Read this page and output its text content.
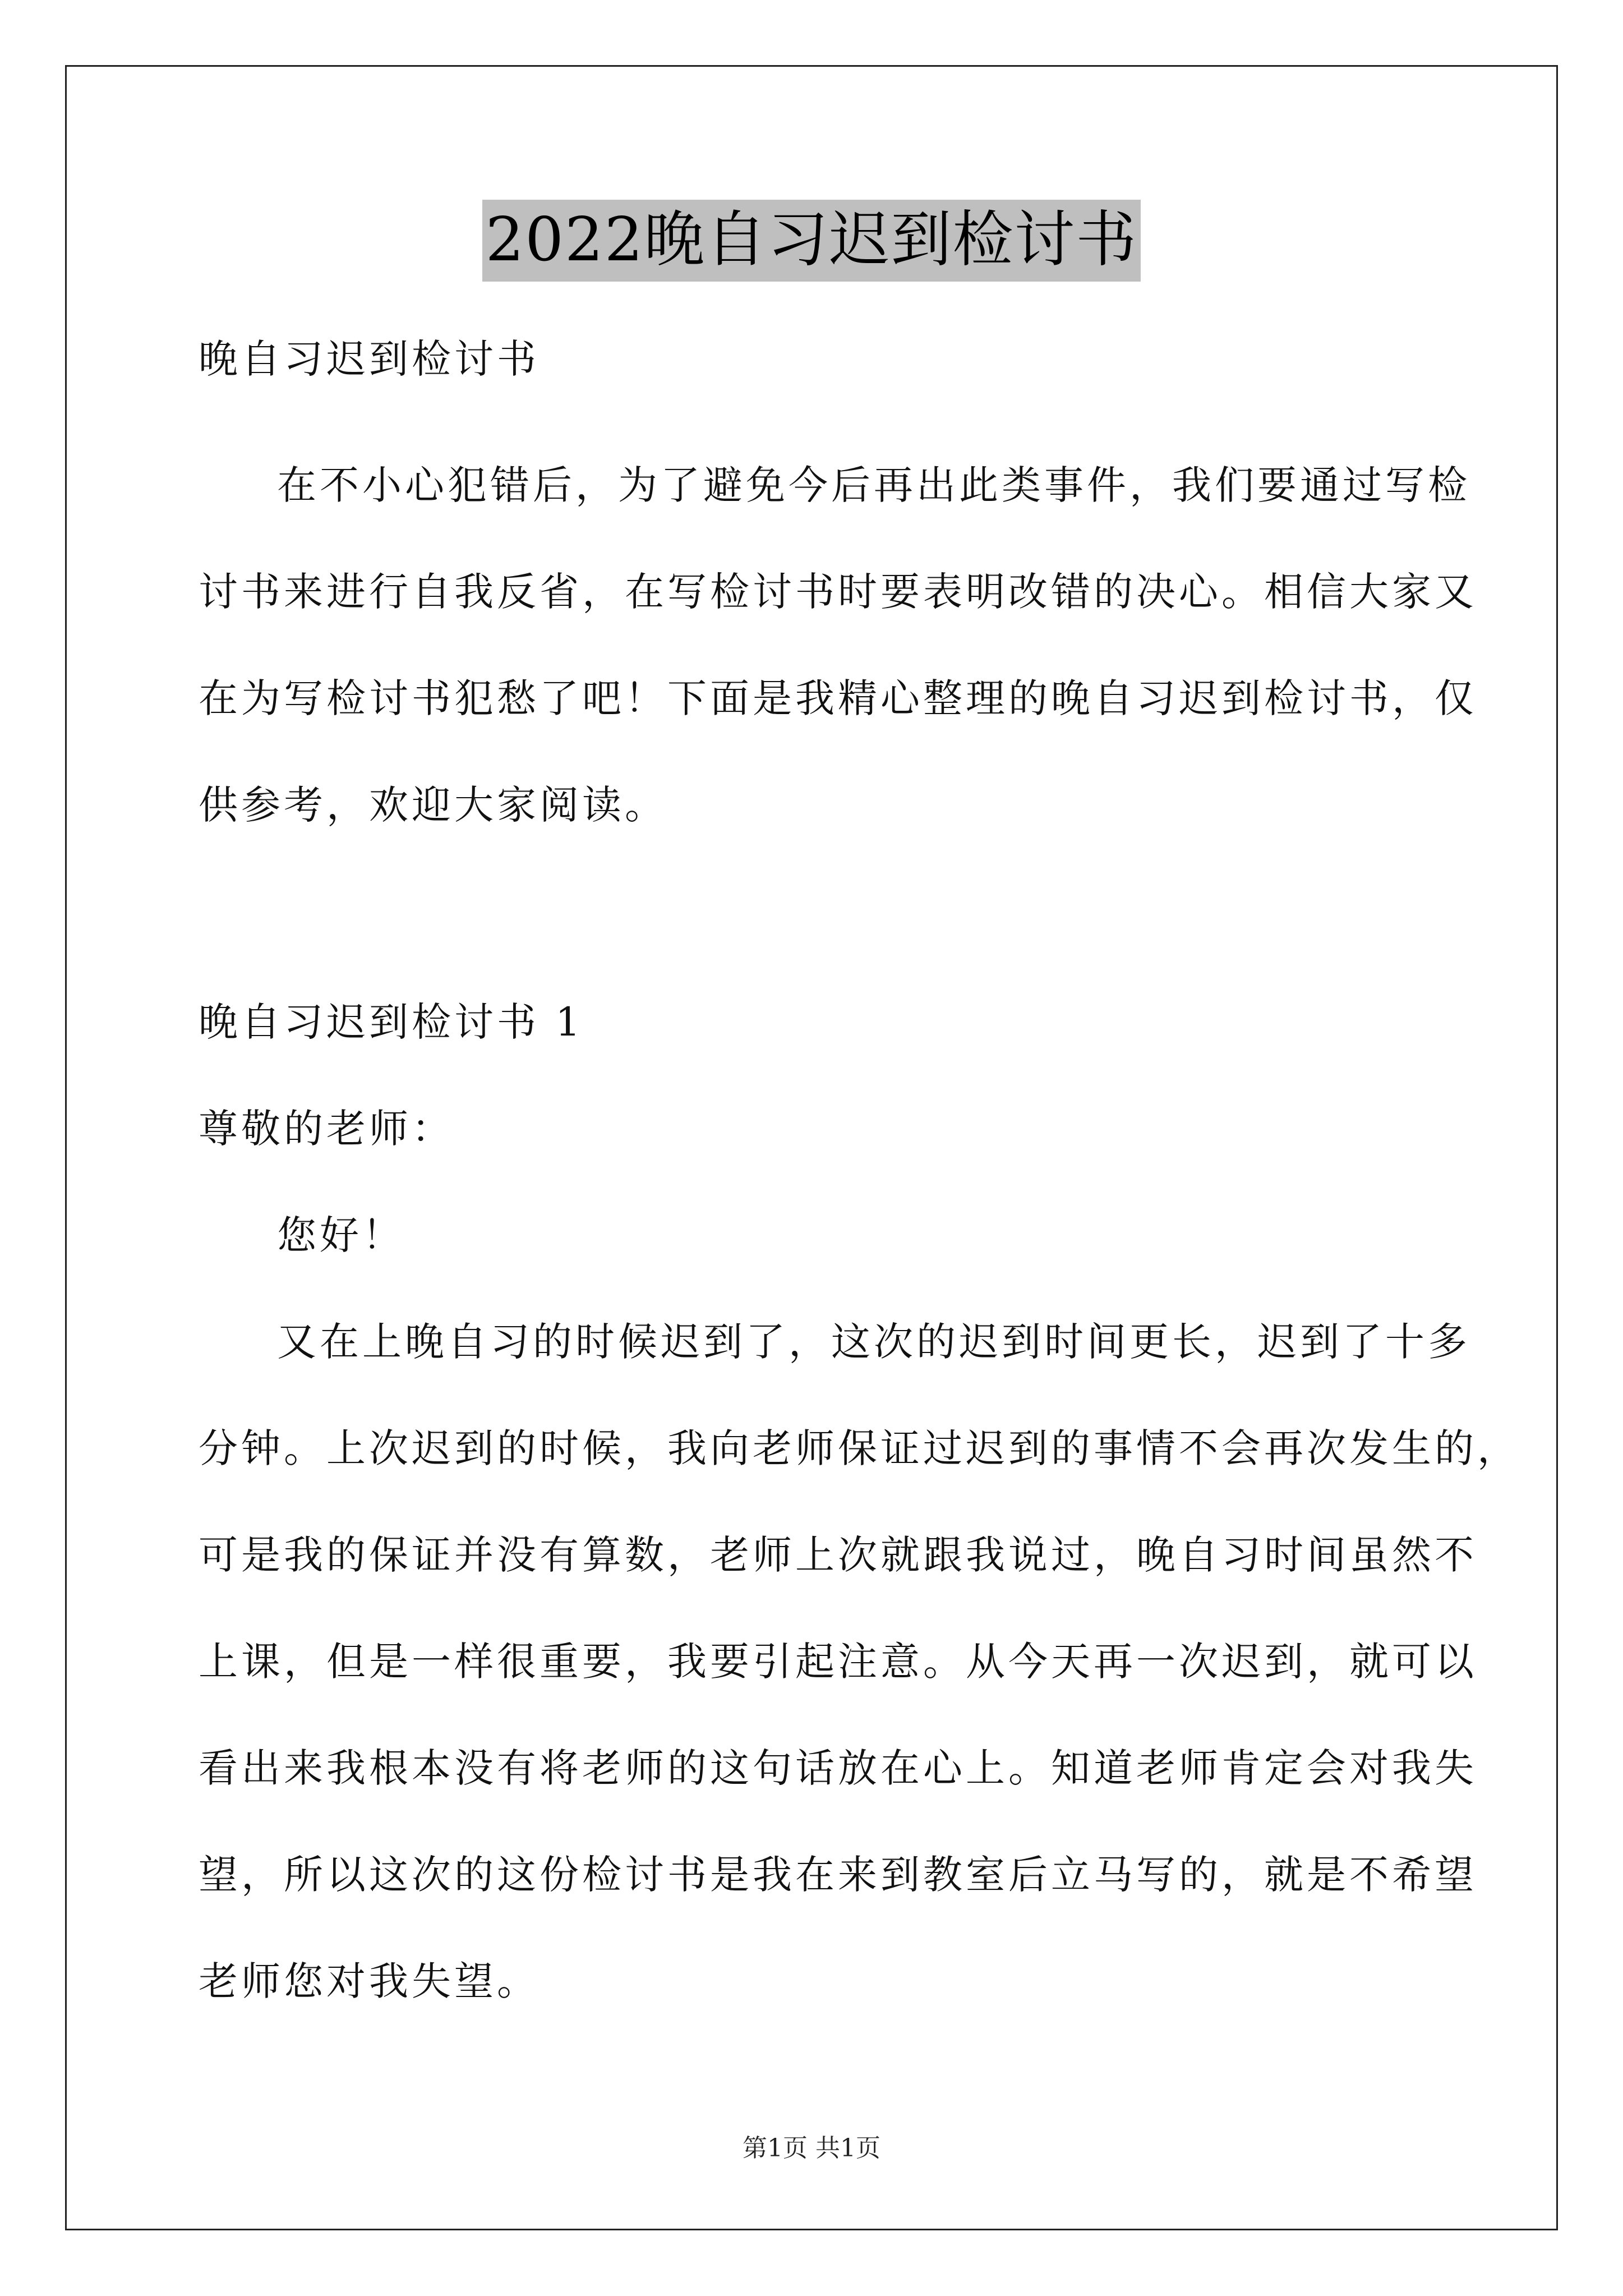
2022晚自习迟到检讨书
晚自习迟到检讨书
在不小心犯错后，为了避免今后再出此类事件，我们要通过写检
讨书来进行自我反省，在写检讨书时要表明改错的决心。相信大家又
在为写检讨书犯愁了吧！下面是我精心整理的晚自习迟到检讨书，仅
供参考，欢迎大家阅读。
晚自习迟到检讨书 1
尊敬的老师：
您好！
又在上晚自习的时候迟到了，这次的迟到时间更长，迟到了十多
分钟。上次迟到的时候，我向老师保证过迟到的事情不会再次发生的，
可是我的保证并没有算数，老师上次就跟我说过，晚自习时间虽然不
上课，但是一样很重要，我要引起注意。从今天再一次迟到，就可以
看出来我根本没有将老师的这句话放在心上。知道老师肯定会对我失
望，所以这次的这份检讨书是我在来到教室后立马写的，就是不希望
老师您对我失望。
第1页 共1页
